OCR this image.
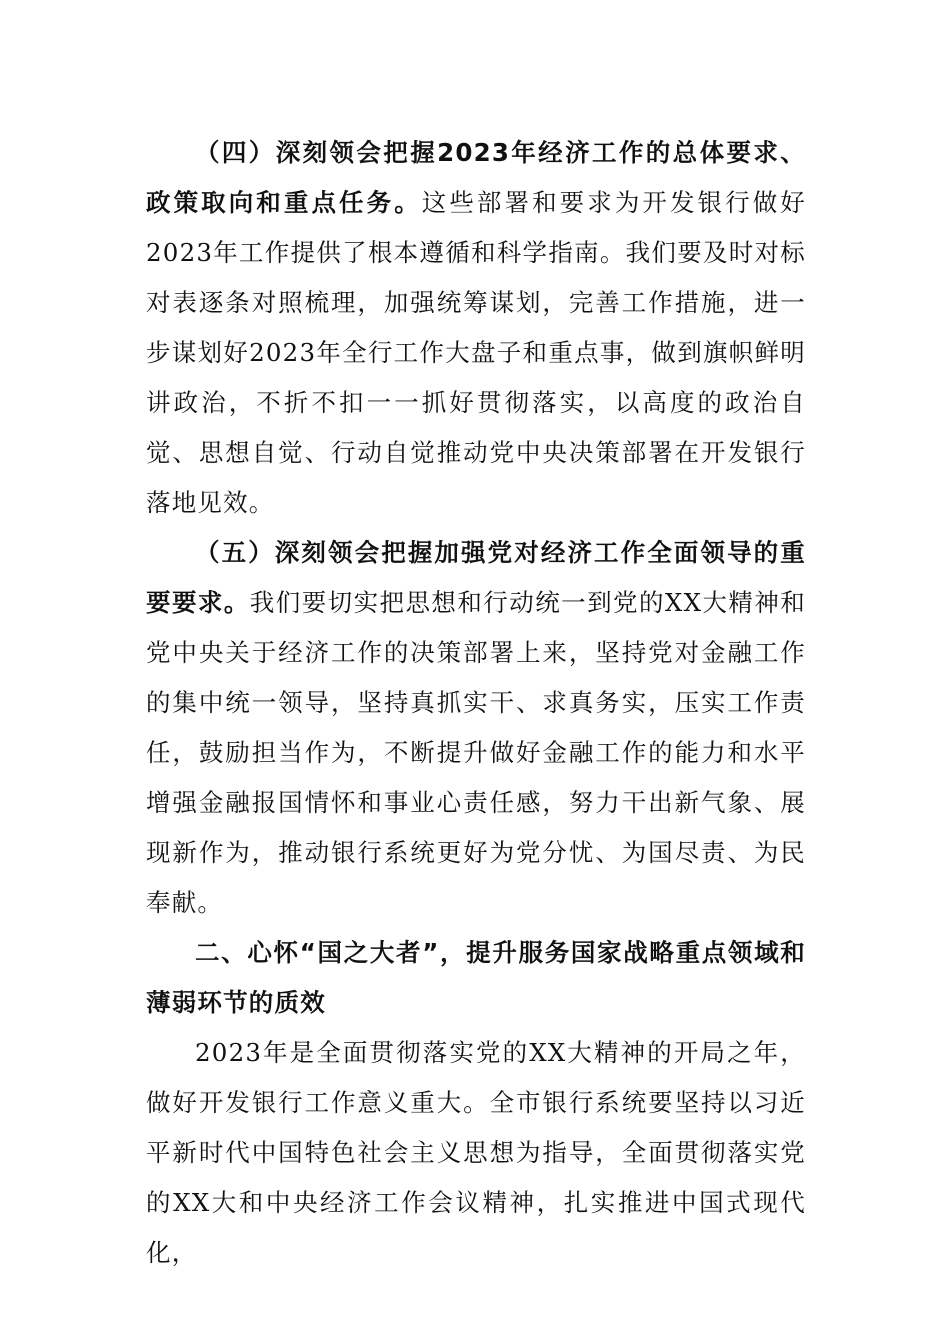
（四）深刻领会把握2023年经济工作的总体要求、政策取向和重点任务。这些部署和要求为开发银行做好2023年工作提供了根本遵循和科学指南。我们要及时对标对表逐条对照梳理，加强统筹谋划，完善工作措施，进一步谋划好2023年全行工作大盘子和重点事，做到旗帜鲜明讲政治，不折不扣一一抓好贯彻落实，以高度的政治自觉、思想自觉、行动自觉推动党中央决策部署在开发银行落地见效。

（五）深刻领会把握加强党对经济工作全面领导的重要要求。我们要切实把思想和行动统一到党的XX大精神和党中央关于经济工作的决策部署上来，坚持党对金融工作的集中统一领导，坚持真抓实干、求真务实，压实工作责任，鼓励担当作为，不断提升做好金融工作的能力和水平增强金融报国情怀和事业心责任感，努力干出新气象、展现新作为，推动银行系统更好为党分忧、为国尽责、为民奉献。

二、心怀“国之大者”，提升服务国家战略重点领域和薄弱环节的质效

2023年是全面贯彻落实党的XX大精神的开局之年，做好开发银行工作意义重大。全市银行系统要坚持以习近平新时代中国特色社会主义思想为指导，全面贯彻落实党的XX大和中央经济工作会议精神，扎实推进中国式现代化，
